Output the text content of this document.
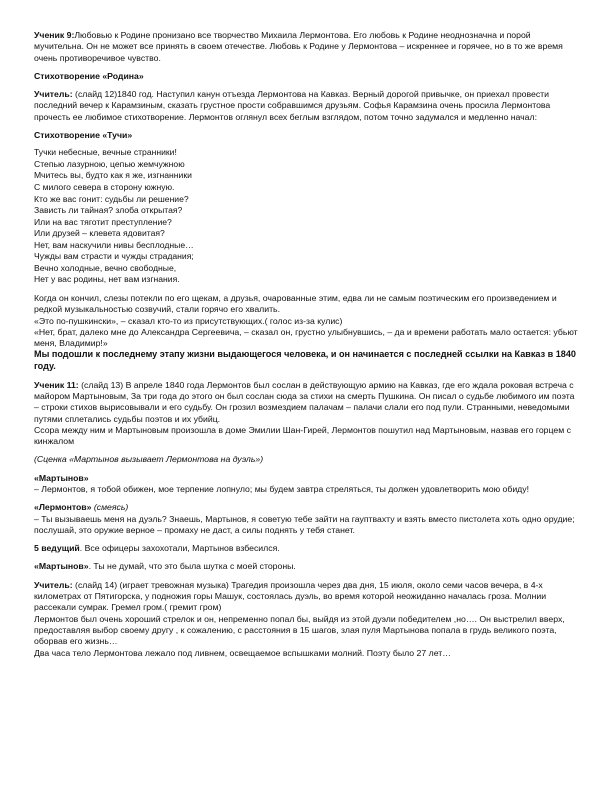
Ученик 9:Любовью к Родине пронизано все творчество Михаила Лермонтова. Его любовь к Родине неоднозначна и порой мучительна. Он не может все принять в своем отечестве. Любовь к Родине у Лермонтова – искреннее и горячее, но в то же время очень противоречивое чувство.

Стихотворение «Родина»

Учитель: (слайд 12)1840 год. Наступил канун отъезда Лермонтова на Кавказ. Верный дорогой привычке, он приехал провести последний вечер к Карамзиным, сказать грустное прости собравшимся друзьям. Софья Карамзина очень просила Лермонтова прочесть ее любимое стихотворение. Лермонтов оглянул всех беглым взглядом, потом точно задумался и медленно начал:

Стихотворение «Тучи»

Тучки небесные, вечные странники!
Степью лазурною, цепью жемчужною
Мчитесь вы, будто как я же, изгнанники
С милого севера в сторону южную.
Кто же вас гонит: судьбы ли решение?
Зависть ли тайная? злоба открытая?
Или на вас тяготит преступление?
Или друзей – клевета ядовитая?
Нет, вам наскучили нивы бесплодные…
Чужды вам страсти и чужды страдания;
Вечно холодные, вечно свободные,
Нет у вас родины, нет вам изгнания.

Когда он кончил, слезы потекли по его щекам, а друзья, очарованные этим, едва ли не самым поэтическим его произведением и редкой музыкальностью созвучий, стали горячо его хвалить.

«Это по-пушкински», – сказал кто-то из присутствующих.( голос из-за кулис)

«Нет, брат, далеко мне до Александра Сергеевича, – сказал он, грустно улыбнувшись, – да и времени работать мало остается: убьют меня, Владимир!»

Мы подошли к последнему этапу жизни выдающегося человека, и он начинается с последней ссылки на Кавказ в 1840 году.

Ученик 11: (слайд 13) В апреле 1840 года Лермонтов был сослан в действующую армию на Кавказ, где его ждала роковая встреча с майором Мартыновым, За три года до этого он был сослан сюда за стихи на смерть Пушкина. Он писал о судьбе любимого им поэта – строки стихов вырисовывали и его судьбу. Он грозил возмездием палачам – палачи слали его под пули. Странными, неведомыми путями сплетались судьбы поэтов и их убийц.

Ссора между ним и Мартыновым произошла в доме Эмилии Шан-Гирей, Лермонтов пошутил над Мартыновым, назвав его горцем с кинжалом

(Сценка «Мартынов вызывает Лермонтова на дуэль»)

«Мартынов»

– Лермонтов, я тобой обижен, мое терпение лопнуло; мы будем завтра стреляться, ты должен удовлетворить мою обиду!

«Лермонтов» (смеясь)

– Ты вызываешь меня на дуэль? Знаешь, Мартынов, я советую тебе зайти на гауптвахту и взять вместо пистолета хоть одно орудие; послушай, это оружие верное – промаху не даст, а силы поднять у тебя станет.

5 ведущий. Все офицеры захохотали, Мартынов взбесился.

«Мартынов». Ты не думай, что это была шутка с моей стороны.

Учитель: (слайд 14) (играет тревожная музыка) Трагедия произошла через два дня, 15 июля, около семи часов вечера, в 4-х километрах от Пятигорска, у подножия горы Машук, состоялась дуэль, во время которой неожиданно началась гроза. Молнии рассекали сумрак. Гремел гром.( гремит гром)

Лермонтов был очень хороший стрелок и он, непременно попал бы, выйдя из этой дуэли победителем ,но…. Он выстрелил вверх, предоставляя выбор своему другу , к сожалению, с расстояния в 15 шагов, злая пуля Мартынова попала в грудь великого поэта, оборвав его жизнь…

Два часа тело Лермонтова лежало под ливнем, освещаемое вспышками молний. Поэту было 27 лет…
